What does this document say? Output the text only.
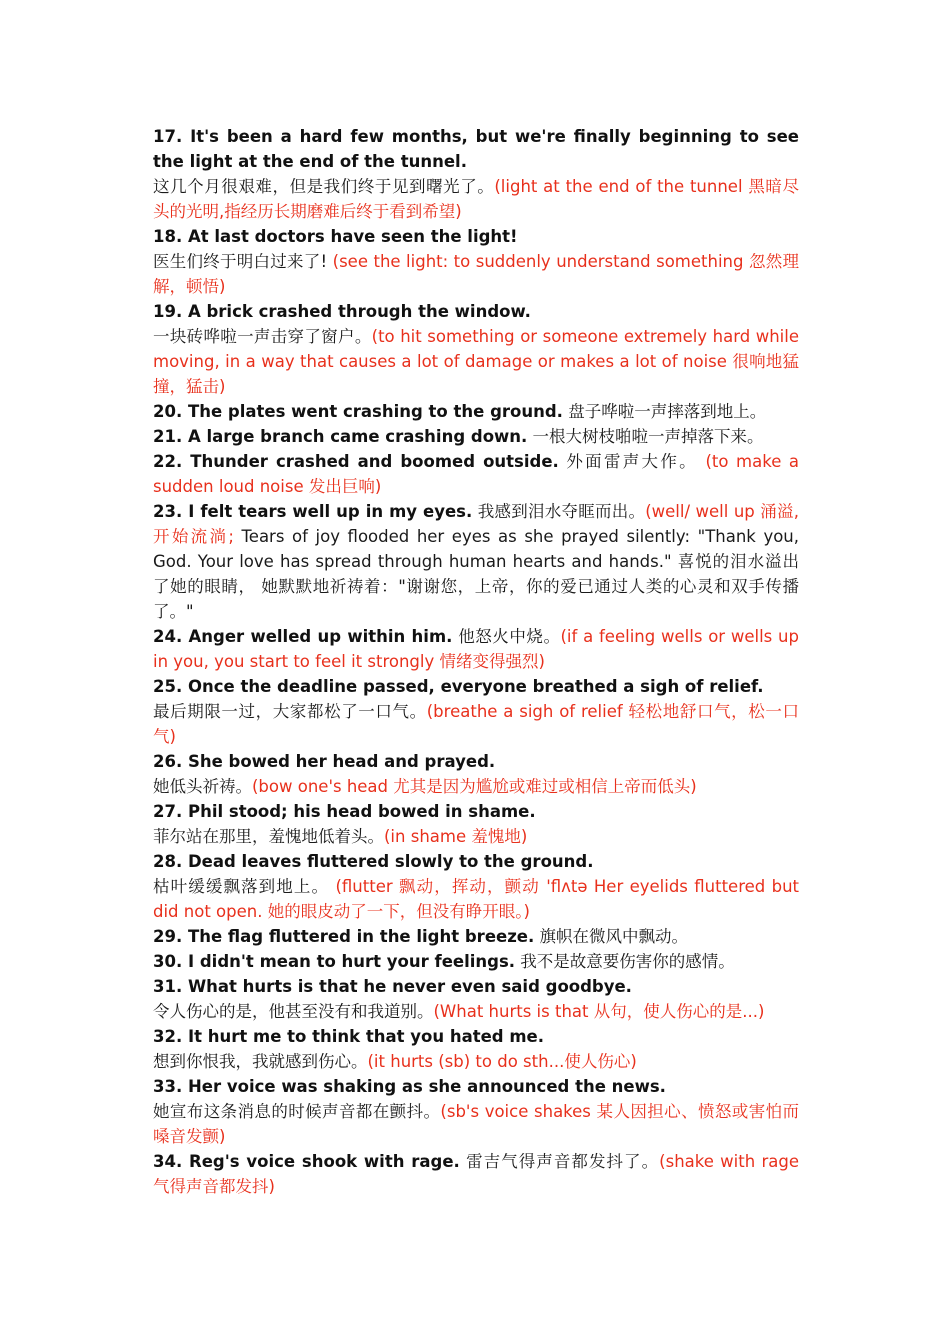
17. It's been a hard few months, but we're finally beginning to see the light at the end of the tunnel.
这几个月很艰难，但是我们终于见到曙光了。(light at the end of the tunnel 黑暗尽头的光明,指经历长期磨难后终于看到希望)

18. At last doctors have seen the light!
医生们终于明白过来了! (see the light: to suddenly understand something 忽然理解，顿悟)

19. A brick crashed through the window.
一块砖哗啦一声击穿了窗户。(to hit something or someone extremely hard while moving, in a way that causes a lot of damage or makes a lot of noise 很响地猛撞，猛击)

20. The plates went crashing to the ground. 盘子哗啦一声摔落到地上。

21. A large branch came crashing down. 一根大树枝啪啦一声掉落下来。

22. Thunder crashed and boomed outside. 外面雷声大作。 (to make a sudden loud noise 发出巨响)

23. I felt tears well up in my eyes. 我感到泪水夺眶而出。(well/ well up 涌溢, 开始流淌; Tears of joy flooded her eyes as she prayed silently: "Thank you, God. Your love has spread through human hearts and hands." 喜悦的泪水溢出了她的眼睛， 她默默地祈祷着："谢谢您，上帝，你的爱已通过人类的心灵和双手传播了。"

24. Anger welled up within him. 他怒火中烧。(if a feeling wells or wells up in you, you start to feel it strongly 情绪变得强烈)

25. Once the deadline passed, everyone breathed a sigh of relief.
最后期限一过，大家都松了一口气。(breathe a sigh of relief 轻松地舒口气，松一口气)

26. She bowed her head and prayed.
她低头祈祷。(bow one's head 尤其是因为尴尬或难过或相信上帝而低头)

27. Phil stood; his head bowed in shame.
菲尔站在那里，羞愧地低着头。(in shame 羞愧地)

28. Dead leaves fluttered slowly to the ground.
枯叶缓缓飘落到地上。 (flutter 飘动，挥动，颤动 'flʌtə Her eyelids fluttered but did not open. 她的眼皮动了一下，但没有睁开眼。)

29. The flag fluttered in the light breeze. 旗帜在微风中飘动。

30. I didn't mean to hurt your feelings. 我不是故意要伤害你的感情。

31. What hurts is that he never even said goodbye.
令人伤心的是，他甚至没有和我道别。(What hurts is that 从句，使人伤心的是...)

32. It hurt me to think that you hated me.
想到你恨我，我就感到伤心。(it hurts (sb) to do sth...使人伤心)

33. Her voice was shaking as she announced the news.
她宣布这条消息的时候声音都在颤抖。(sb's voice shakes 某人因担心、愤怒或害怕而嗓音发颤)

34. Reg's voice shook with rage. 雷吉气得声音都发抖了。(shake with rage 气得声音都发抖)
